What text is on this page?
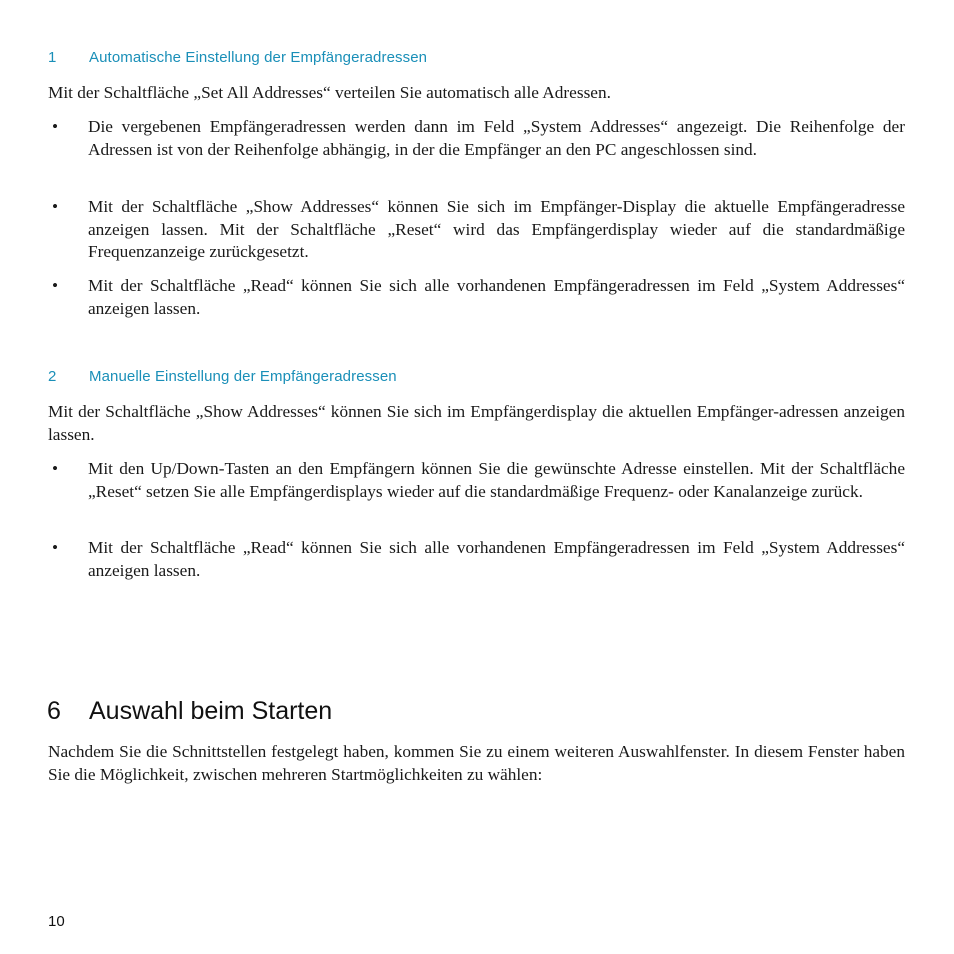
1 Automatische Einstellung der Empfängeradressen

Mit der Schaltfläche „Set All Addresses“ verteilen Sie automatisch alle Adressen.

• Die vergebenen Empfängeradressen werden dann im Feld „System Addresses“ angezeigt. Die Reihenfolge der Adressen ist von der Reihenfolge abhängig, in der die Empfänger an den PC angeschlossen sind.
• Mit der Schaltfläche „Show Addresses“ können Sie sich im Empfänger-Display die aktuelle Empfängeradresse anzeigen lassen. Mit der Schaltfläche „Reset“ wird das Empfängerdisplay wieder auf die standardmäßige Frequenzanzeige zurückgesetzt.
• Mit der Schaltfläche „Read“ können Sie sich alle vorhandenen Empfängeradressen im Feld „System Addresses“ anzeigen lassen.
2 Manuelle Einstellung der Empfängeradressen

Mit der Schaltfläche „Show Addresses“ können Sie sich im Empfängerdisplay die aktuellen Empfänger-adressen anzeigen lassen.

• Mit den Up/Down-Tasten an den Empfängern können Sie die gewünschte Adresse einstellen. Mit der Schaltfläche „Reset“ setzen Sie alle Empfängerdisplays wieder auf die standardmäßige Frequenz- oder Kanalanzeige zurück.
• Mit der Schaltfläche „Read“ können Sie sich alle vorhandenen Empfängeradressen im Feld „System Addresses“ anzeigen lassen.
6 Auswahl beim Starten

Nachdem Sie die Schnittstellen festgelegt haben, kommen Sie zu einem weiteren Auswahlfenster. In diesem Fenster haben Sie die Möglichkeit, zwischen mehreren Startmöglichkeiten zu wählen:

10
